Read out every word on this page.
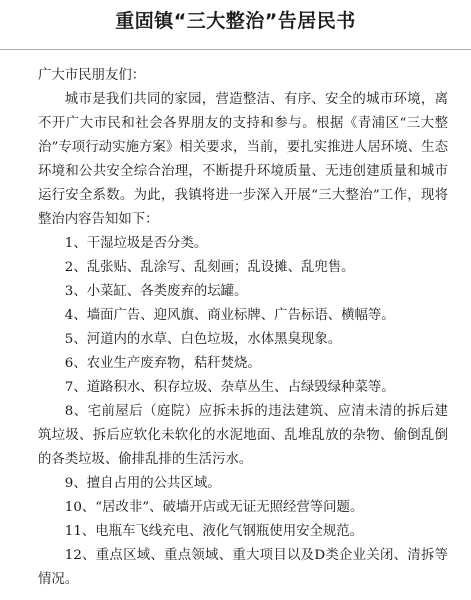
重固镇“三大整治”告居民书

广大市民朋友们：

城市是我们共同的家园，营造整洁、有序、安全的城市环境，离不开广大市民和社会各界朋友的支持和参与。根据《青浦区“三大整治”专项行动实施方案》相关要求，当前，要扎实推进人居环境、生态环境和公共安全综合治理，不断提升环境质量、无违创建质量和城市运行安全系数。为此，我镇将进一步深入开展“三大整治”工作，现将整治内容告知如下：

1、干湿垃圾是否分类。

2、乱张贴、乱涂写、乱刻画；乱设摊、乱兜售。

3、小菜缸、各类废弃的坛罐。

4、墙面广告、迎风旗、商业标牌、广告标语、横幅等。

5、河道内的水草、白色垃圾，水体黑臭现象。

6、农业生产废弃物，秸秆焚烧。

7、道路积水、积存垃圾、杂草丛生、占绿毁绿种菜等。

8、宅前屋后（庭院）应拆未拆的违法建筑、应清未清的拆后建筑垃圾、拆后应软化未软化的水泥地面、乱堆乱放的杂物、偷倒乱倒的各类垃圾、偷排乱排的生活污水。

9、擅自占用的公共区域。

10、“居改非”、破墙开店或无证无照经营等问题。

11、电瓶车飞线充电、液化气钢瓶使用安全规范。

12、重点区域、重点领域、重大项目以及D类企业关闭、清拆等情况。
